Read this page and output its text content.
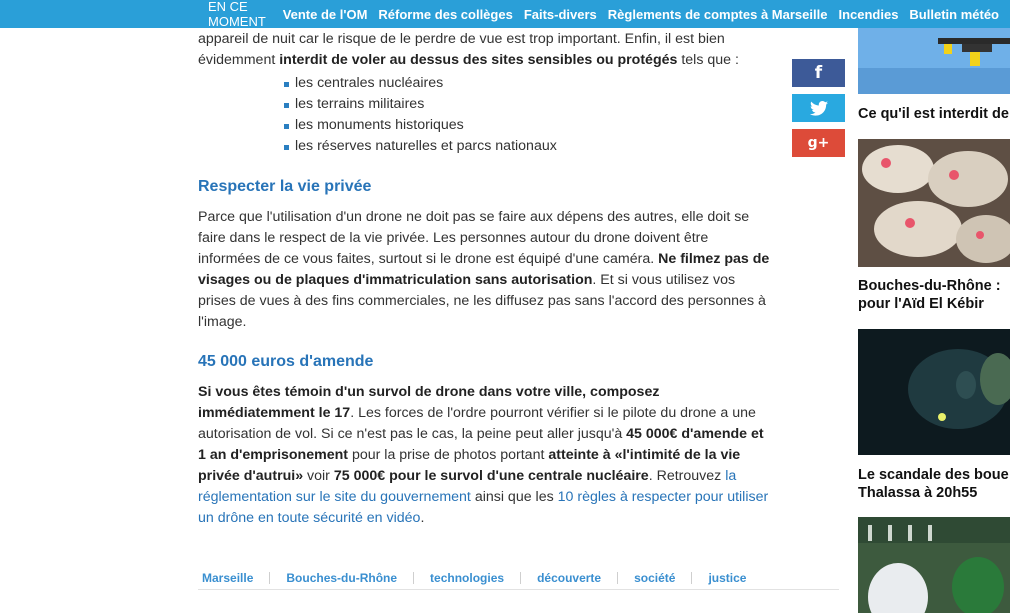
EN CE MOMENT	Vente de l'OM Réforme des collèges Faits-divers Règlements de comptes à Marseille Incendies Bulletin météo

appareil de nuit car le risque de le perdre de vue est trop important. Enfin, il est bien évidemment interdit de voler au dessus des sites sensibles ou protégés tels que :

les centrales nucléaires
les terrains militaires
les monuments historiques
les réserves naturelles et parcs nationaux
Respecter la vie privée

Parce que l'utilisation d'un drone ne doit pas se faire aux dépens des autres, elle doit se faire dans le respect de la vie privée. Les personnes autour du drone doivent être informées de ce vous faites, surtout si le drone est équipé d'une caméra. Ne filmez pas de visages ou de plaques d'immatriculation sans autorisation. Et si vous utilisez vos prises de vues à des fins commerciales, ne les diffusez pas sans l'accord des personnes à l'image.

45 000 euros d'amende

Si vous êtes témoin d'un survol de drone dans votre ville, composez immédiatemment le 17. Les forces de l'ordre pourront vérifier si le pilote du drone a une autorisation de vol. Si ce n'est pas le cas, la peine peut aller jusqu'à 45 000€ d'amende et 1 an d'emprisonement pour la prise de photos portant atteinte à «l'intimité de la vie privée d'autrui» voir 75 000€ pour le survol d'une centrale nucléaire. Retrouvez la réglementation sur le site du gouvernement ainsi que les 10 règles à respecter pour utiliser un drône en toute sécurité en vidéo.

Marseille	Bouches-du-Rhône	technologies	découverte	société	justice
f
g+
Ce qu'il est interdit de
Bouches-du-Rhône :
pour l'Aïd El Kébir
Le scandale des boue
Thalassa à 20h55
